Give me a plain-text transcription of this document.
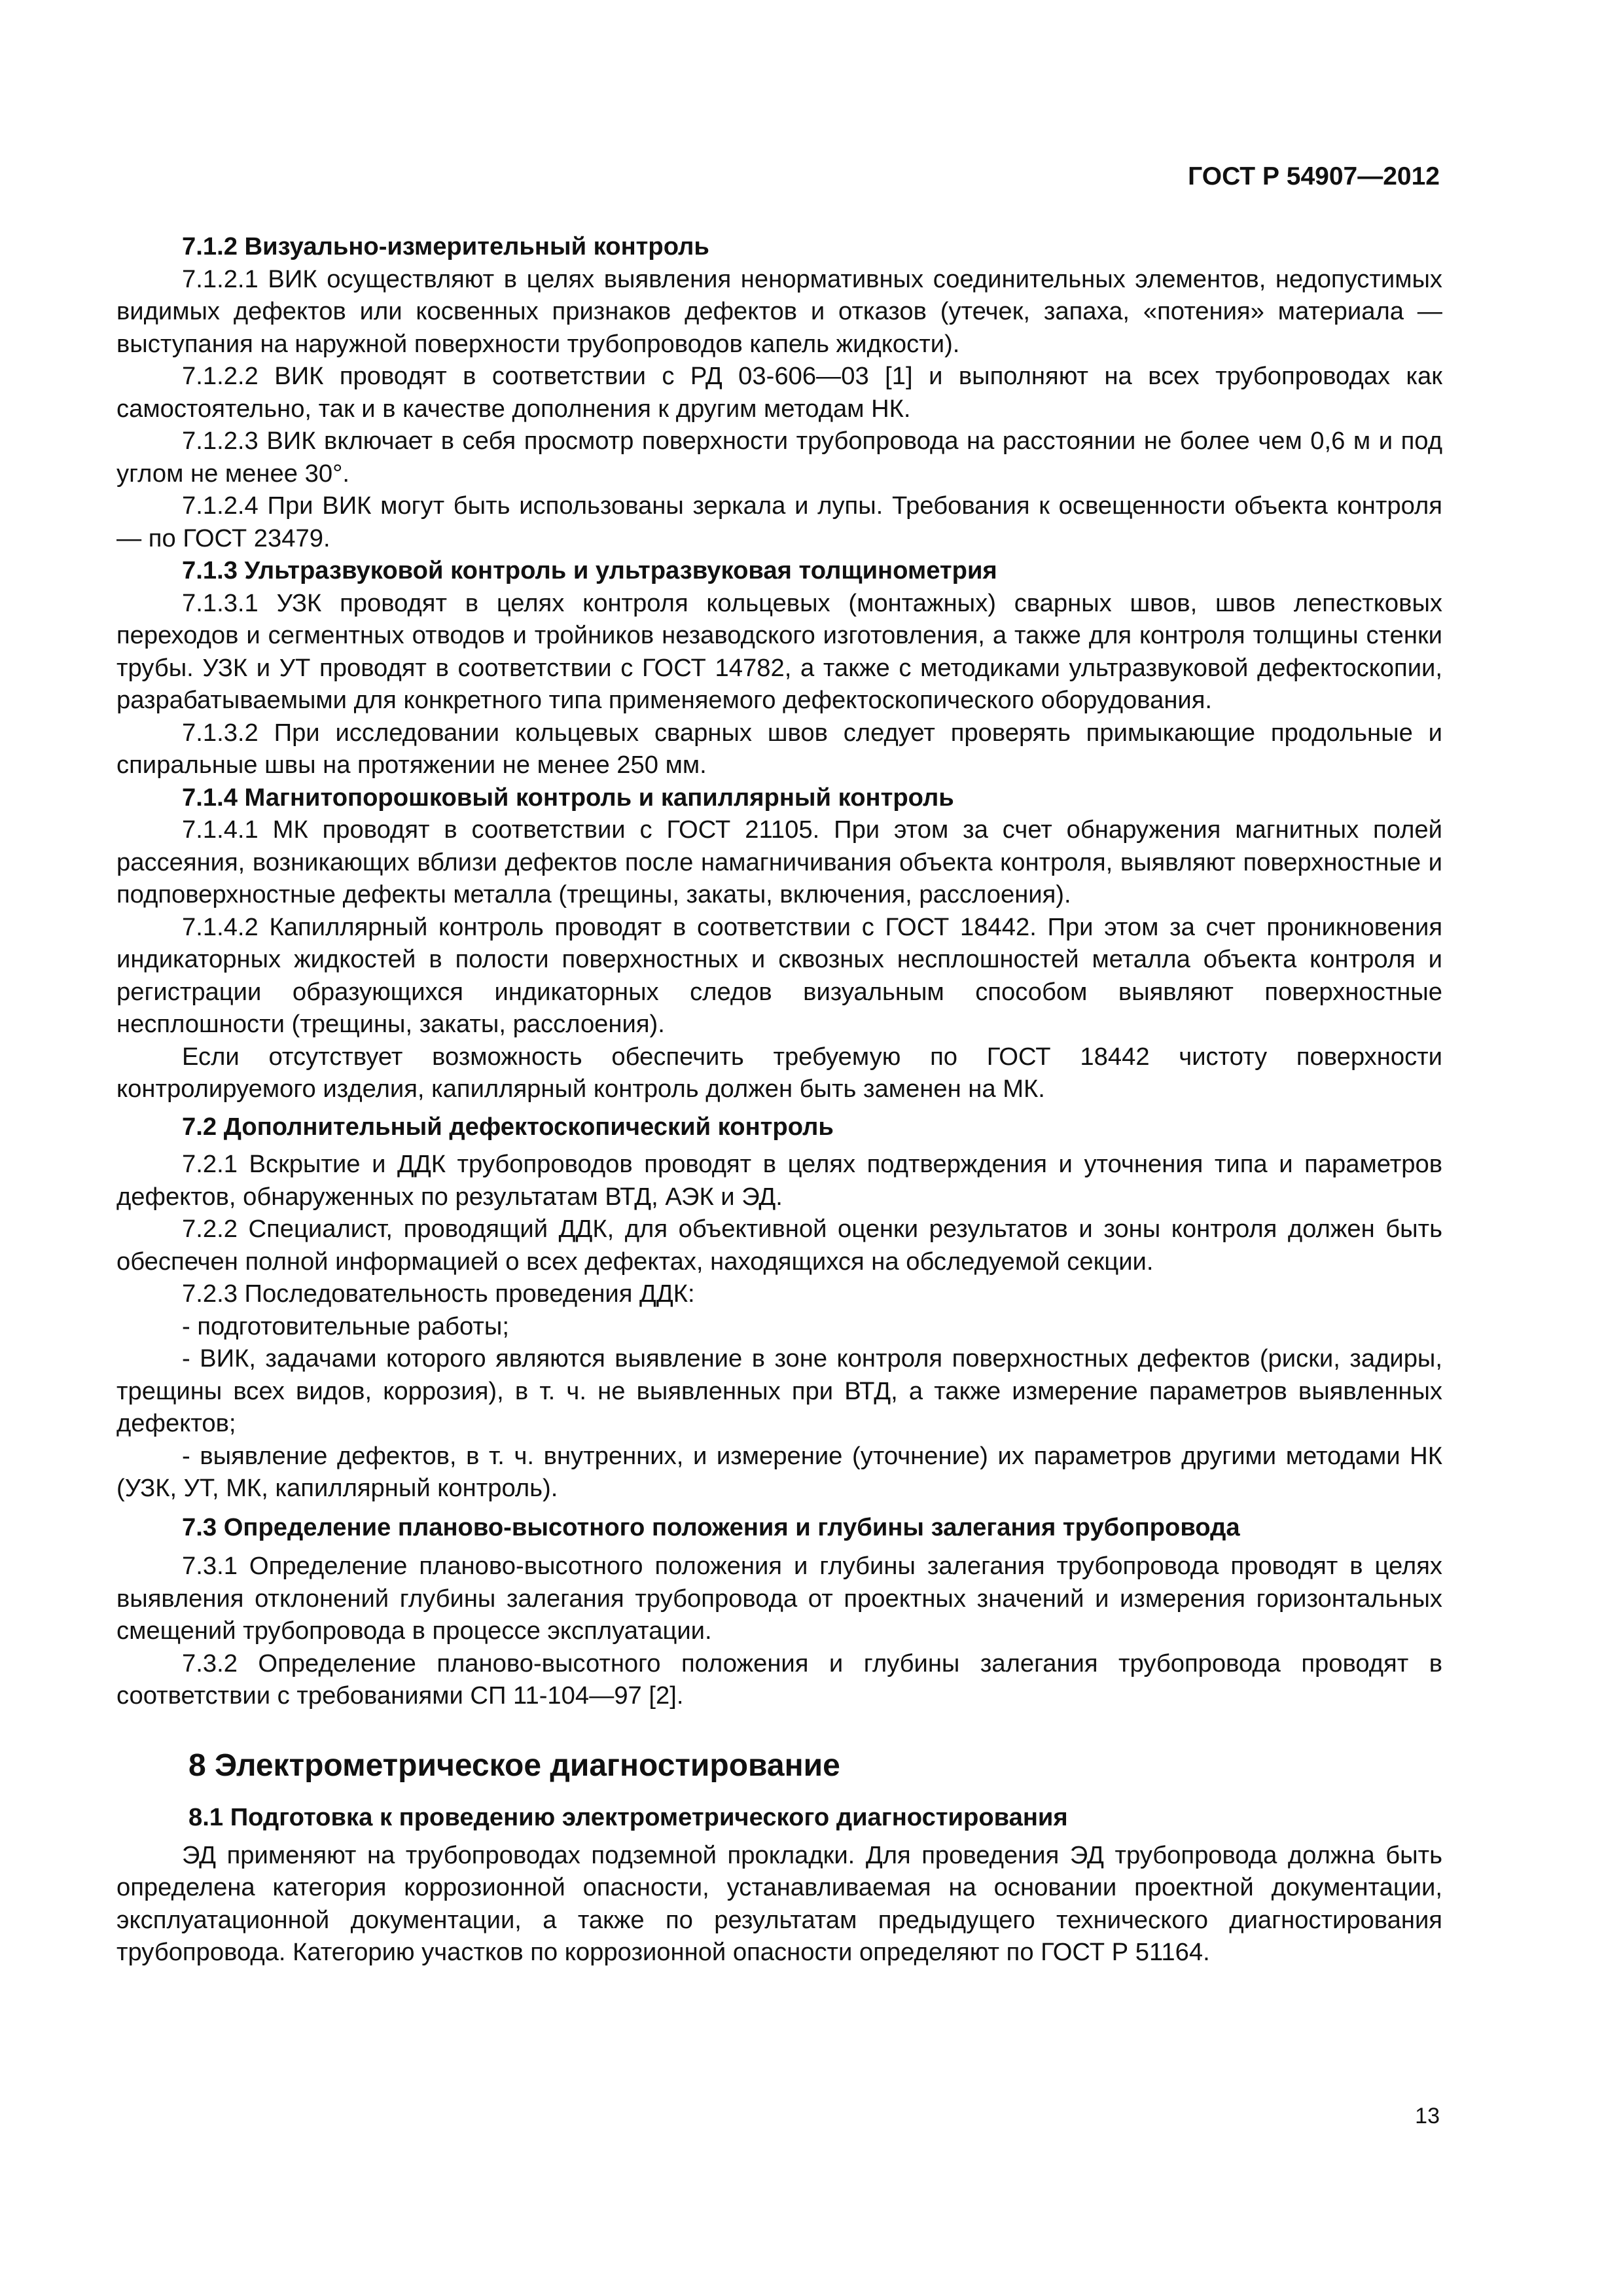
ГОСТ Р 54907—2012
7.1.2 Визуально-измерительный контроль

7.1.2.1 ВИК осуществляют в целях выявления ненормативных соединительных элементов, недопустимых видимых дефектов или косвенных признаков дефектов и отказов (утечек, запаха, «потения» материала — выступания на наружной поверхности трубопроводов капель жидкости).

7.1.2.2 ВИК проводят в соответствии с РД 03-606—03 [1] и выполняют на всех трубопроводах как самостоятельно, так и в качестве дополнения к другим методам НК.

7.1.2.3 ВИК включает в себя просмотр поверхности трубопровода на расстоянии не более чем 0,6 м и под углом не менее 30°.

7.1.2.4 При ВИК могут быть использованы зеркала и лупы. Требования к освещенности объекта контроля — по ГОСТ 23479.

7.1.3 Ультразвуковой контроль и ультразвуковая толщинометрия

7.1.3.1 УЗК проводят в целях контроля кольцевых (монтажных) сварных швов, швов лепестковых переходов и сегментных отводов и тройников незаводского изготовления, а также для контроля толщины стенки трубы. УЗК и УТ проводят в соответствии с ГОСТ 14782, а также с методиками ультразвуковой дефектоскопии, разрабатываемыми для конкретного типа применяемого дефектоскопического оборудования.

7.1.3.2 При исследовании кольцевых сварных швов следует проверять примыкающие продольные и спиральные швы на протяжении не менее 250 мм.

7.1.4 Магнитопорошковый контроль и капиллярный контроль

7.1.4.1 МК проводят в соответствии с ГОСТ 21105. При этом за счет обнаружения магнитных полей рассеяния, возникающих вблизи дефектов после намагничивания объекта контроля, выявляют поверхностные и подповерхностные дефекты металла (трещины, закаты, включения, расслоения).

7.1.4.2 Капиллярный контроль проводят в соответствии с ГОСТ 18442. При этом за счет проникновения индикаторных жидкостей в полости поверхностных и сквозных несплошностей металла объекта контроля и регистрации образующихся индикаторных следов визуальным способом выявляют поверхностные несплошности (трещины, закаты, расслоения).

Если отсутствует возможность обеспечить требуемую по ГОСТ 18442 чистоту поверхности контролируемого изделия, капиллярный контроль должен быть заменен на МК.

7.2 Дополнительный дефектоскопический контроль

7.2.1 Вскрытие и ДДК трубопроводов проводят в целях подтверждения и уточнения типа и параметров дефектов, обнаруженных по результатам ВТД, АЭК и ЭД.

7.2.2 Специалист, проводящий ДДК, для объективной оценки результатов и зоны контроля должен быть обеспечен полной информацией о всех дефектах, находящихся на обследуемой секции.

7.2.3 Последовательность проведения ДДК:

- подготовительные работы;

- ВИК, задачами которого являются выявление в зоне контроля поверхностных дефектов (риски, задиры, трещины всех видов, коррозия), в т. ч. не выявленных при ВТД, а также измерение параметров выявленных дефектов;

- выявление дефектов, в т. ч. внутренних, и измерение (уточнение) их параметров другими методами НК (УЗК, УТ, МК, капиллярный контроль).

7.3 Определение планово-высотного положения и глубины залегания трубопровода

7.3.1 Определение планово-высотного положения и глубины залегания трубопровода проводят в целях выявления отклонений глубины залегания трубопровода от проектных значений и измерения горизонтальных смещений трубопровода в процессе эксплуатации.

7.3.2 Определение планово-высотного положения и глубины залегания трубопровода проводят в соответствии с требованиями СП 11-104—97 [2].

8 Электрометрическое диагностирование
8.1 Подготовка к проведению электрометрического диагностирования

ЭД применяют на трубопроводах подземной прокладки. Для проведения ЭД трубопровода должна быть определена категория коррозионной опасности, устанавливаемая на основании проектной документации, эксплуатационной документации, а также по результатам предыдущего технического диагностирования трубопровода. Категорию участков по коррозионной опасности определяют по ГОСТ Р 51164.

13
